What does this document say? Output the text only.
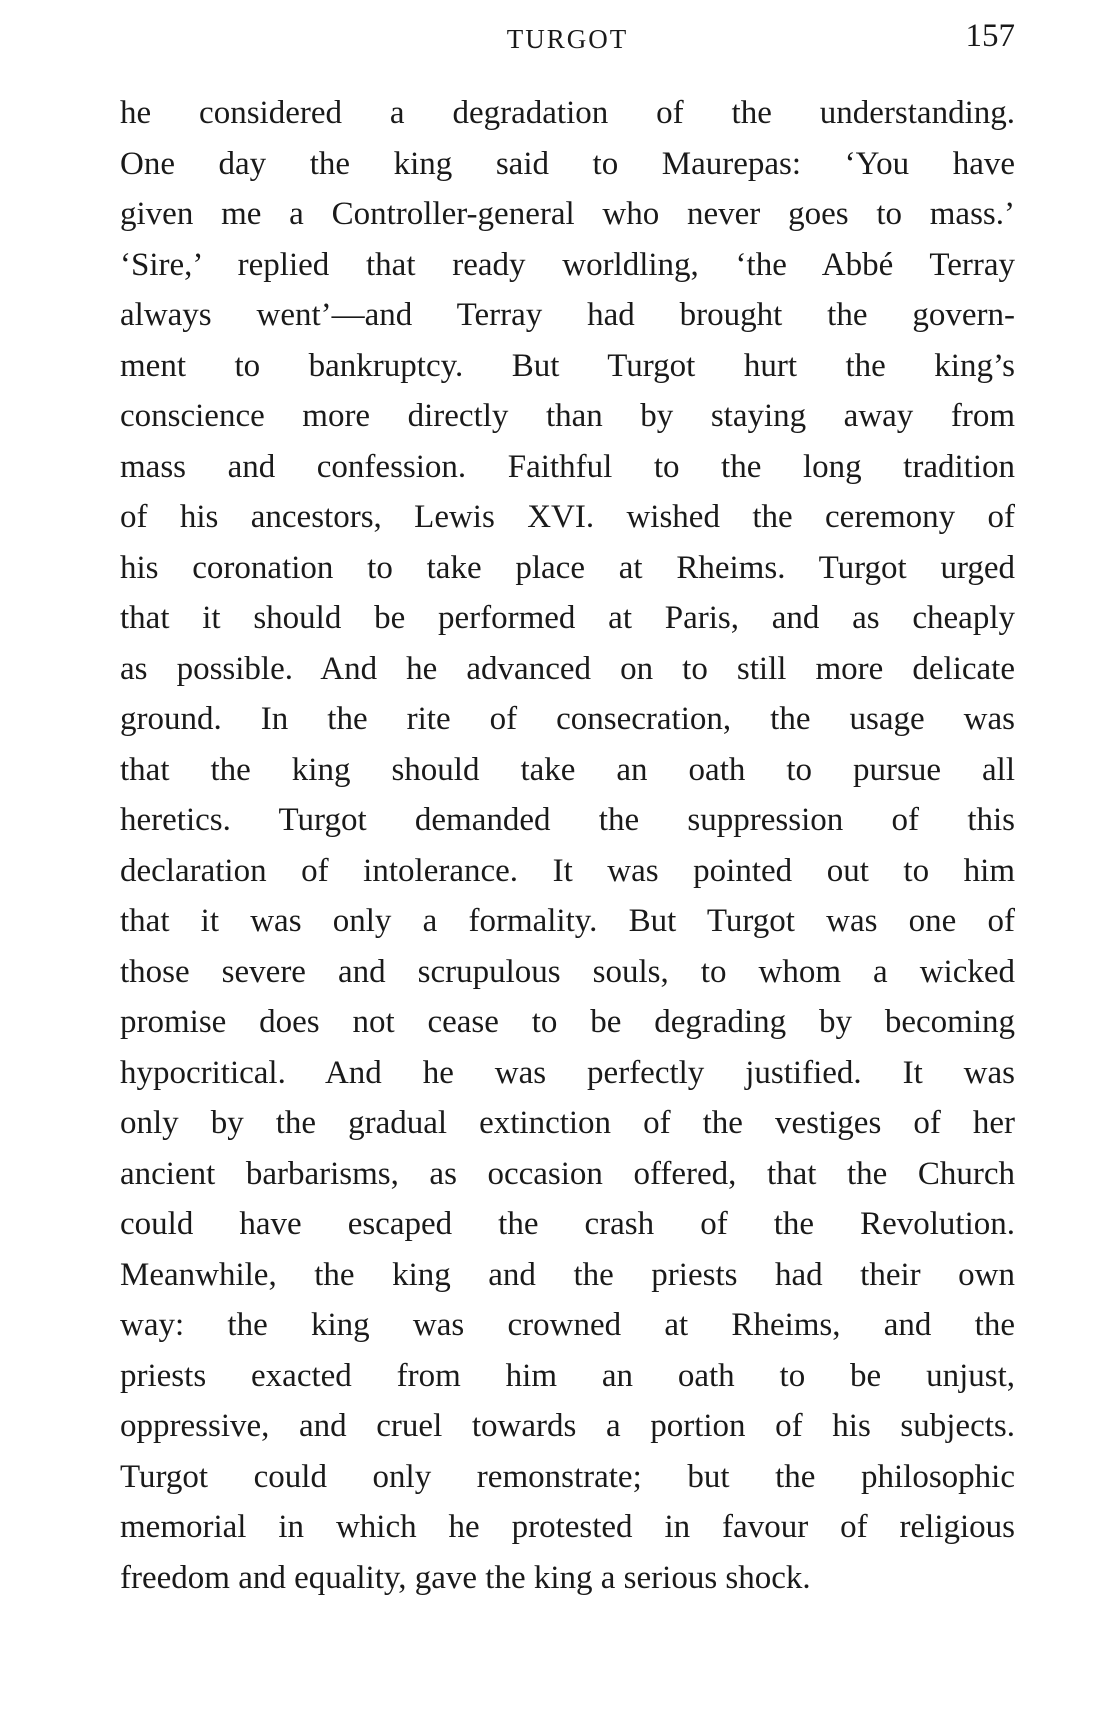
TURGOT	157
he considered a degradation of the understanding.
One day the king said to Maurepas: ‘You have
given me a Controller-general who never goes to mass.’
‘Sire,’ replied that ready worldling, ‘the Abbé Terray
always went’—and Terray had brought the govern-
ment to bankruptcy. But Turgot hurt the king’s
conscience more directly than by staying away from
mass and confession. Faithful to the long tradition
of his ancestors, Lewis XVI. wished the ceremony of
his coronation to take place at Rheims. Turgot urged
that it should be performed at Paris, and as cheaply
as possible. And he advanced on to still more delicate
ground. In the rite of consecration, the usage was
that the king should take an oath to pursue all
heretics. Turgot demanded the suppression of this
declaration of intolerance. It was pointed out to him
that it was only a formality. But Turgot was one of
those severe and scrupulous souls, to whom a wicked
promise does not cease to be degrading by becoming
hypocritical. And he was perfectly justified. It was
only by the gradual extinction of the vestiges of her
ancient barbarisms, as occasion offered, that the Church
could have escaped the crash of the Revolution.
Meanwhile, the king and the priests had their own
way: the king was crowned at Rheims, and the
priests exacted from him an oath to be unjust,
oppressive, and cruel towards a portion of his subjects.
Turgot could only remonstrate; but the philosophic
memorial in which he protested in favour of religious
freedom and equality, gave the king a serious shock.
